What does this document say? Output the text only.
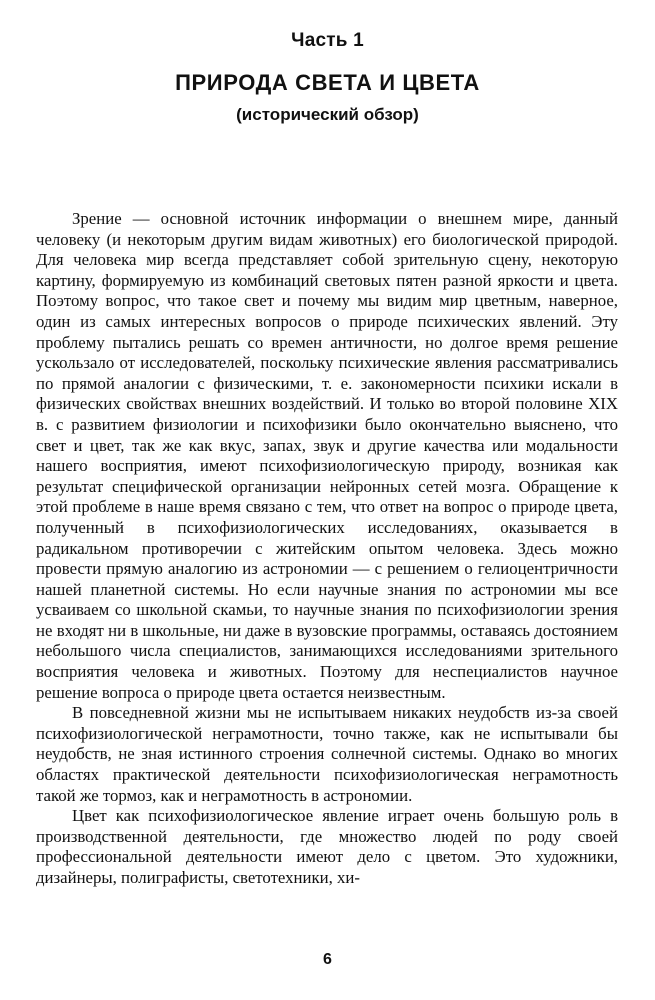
Часть 1
ПРИРОДА СВЕТА И ЦВЕТА
(исторический обзор)

Зрение — основной источник информации о внешнем мире, данный человеку (и некоторым другим видам животных) его биологической природой. Для человека мир всегда представляет собой зрительную сцену, некоторую картину, формируемую из комбинаций световых пятен разной яркости и цвета. Поэтому вопрос, что такое свет и почему мы видим мир цветным, наверное, один из самых интересных вопросов о природе психических явлений. Эту проблему пытались решать со времен античности, но долгое время решение ускользало от исследователей, поскольку психические явления рассматривались по прямой аналогии с физическими, т. е. закономерности психики искали в физических свойствах внешних воздействий. И только во второй половине XIX в. с развитием физиологии и психофизики было окончательно выяснено, что свет и цвет, так же как вкус, запах, звук и другие качества или модальности нашего восприятия, имеют психофизиологическую природу, возникая как результат специфической организации нейронных сетей мозга. Обращение к этой проблеме в наше время связано с тем, что ответ на вопрос о природе цвета, полученный в психофизиологических исследованиях, оказывается в радикальном противоречии с житейским опытом человека. Здесь можно провести прямую аналогию из астрономии — с решением о гелиоцентричности нашей планетной системы. Но если научные знания по астрономии мы все усваиваем со школьной скамьи, то научные знания по психофизиологии зрения не входят ни в школьные, ни даже в вузовские программы, оставаясь достоянием небольшого числа специалистов, занимающихся исследованиями зрительного восприятия человека и животных. Поэтому для неспециалистов научное решение вопроса о природе цвета остается неизвестным.

В повседневной жизни мы не испытываем никаких неудобств из-за своей психофизиологической неграмотности, точно также, как не испытывали бы неудобств, не зная истинного строения солнечной системы. Однако во многих областях практической деятельности психофизиологическая неграмотность такой же тормоз, как и неграмотность в астрономии.

Цвет как психофизиологическое явление играет очень большую роль в производственной деятельности, где множество людей по роду своей профессиональной деятельности имеют дело с цветом. Это художники, дизайнеры, полиграфисты, светотехники, хи-

6
